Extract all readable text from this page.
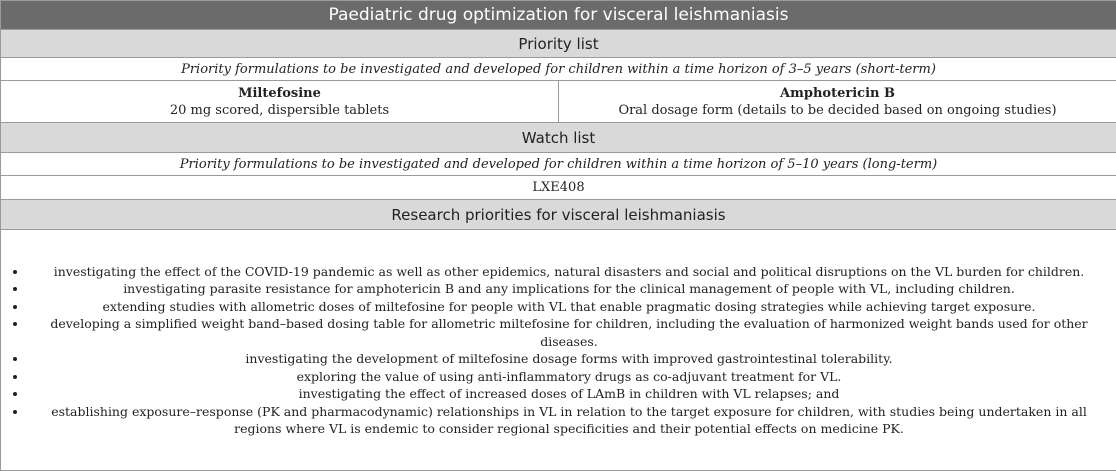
Paediatric drug optimization for visceral leishmaniasis
Priority list
Priority formulations to be investigated and developed for children within a time horizon of 3–5 years (short-term)

Miltefosine
20 mg scored, dispersible tablets

Amphotericin B
Oral dosage form (details to be decided based on ongoing studies)

Watch list
Priority formulations to be investigated and developed for children within a time horizon of 5–10 years (long-term)
LXE408
Research priorities for visceral leishmaniasis

• investigating the effect of the COVID-19 pandemic as well as other epidemics, natural disasters and social and political disruptions on the VL burden for children.
• investigating parasite resistance for amphotericin B and any implications for the clinical management of people with VL, including children.
• extending studies with allometric doses of miltefosine for people with VL that enable pragmatic dosing strategies while achieving target exposure.
• developing a simplified weight band–based dosing table for allometric miltefosine for children, including the evaluation of harmonized weight bands used for other diseases.
• investigating the development of miltefosine dosage forms with improved gastrointestinal tolerability.
• exploring the value of using anti-inflammatory drugs as co-adjuvant treatment for VL.
• investigating the effect of increased doses of LAmB in children with VL relapses; and
• establishing exposure–response (PK and pharmacodynamic) relationships in VL in relation to the target exposure for children, with studies being undertaken in all regions where VL is endemic to consider regional specificities and their potential effects on medicine PK.
